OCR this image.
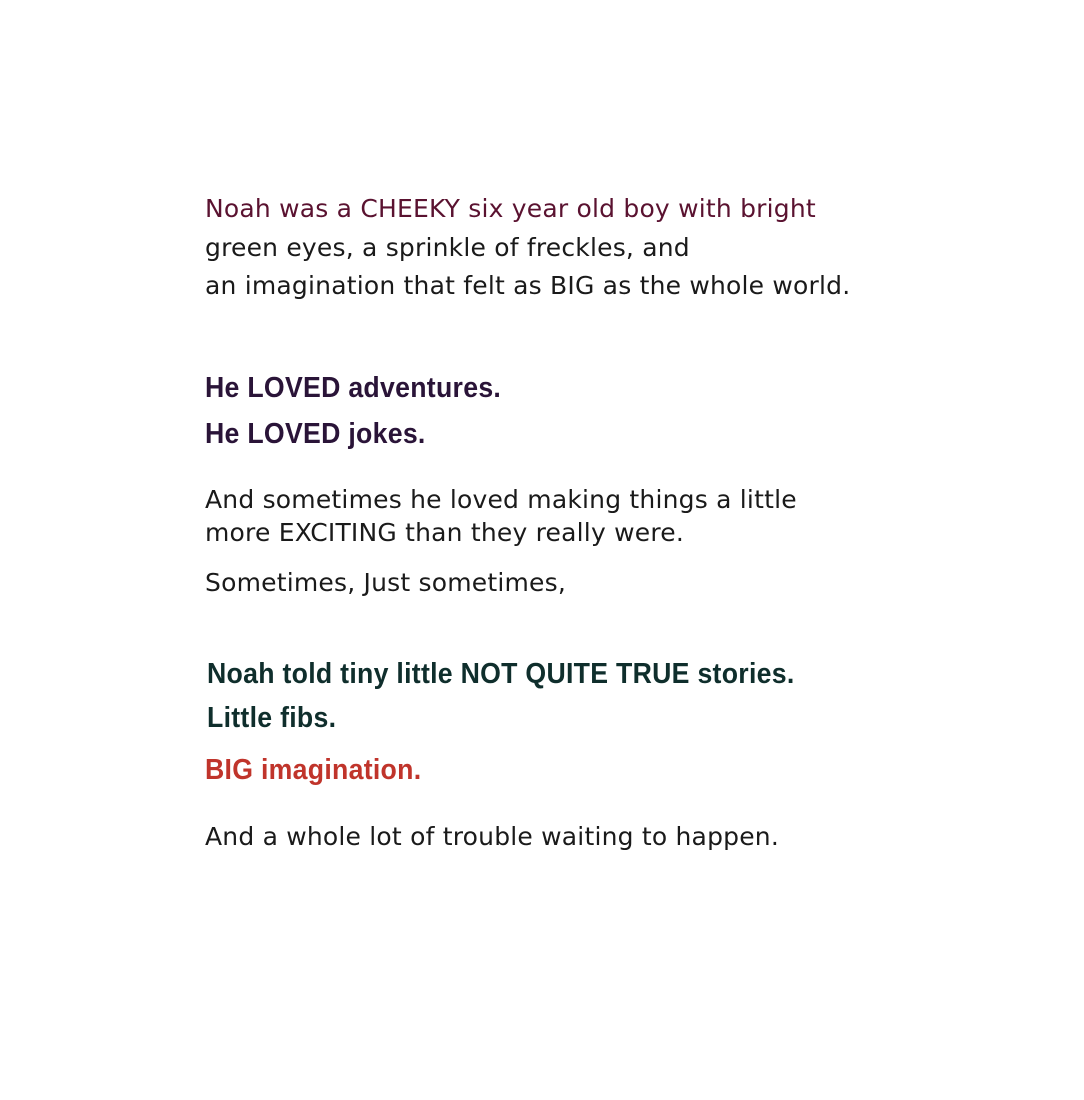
Noah was a CHEEKY six year old boy with bright
green eyes, a sprinkle of freckles, and
an imagination that felt as BIG as the whole world.

He LOVED adventures.
He LOVED jokes.

And sometimes he loved making things a little
more EXCITING than they really were.

Sometimes, Just sometimes,

Noah told tiny little NOT QUITE TRUE stories.
Little fibs.

BIG imagination.

And a whole lot of trouble waiting to happen.
